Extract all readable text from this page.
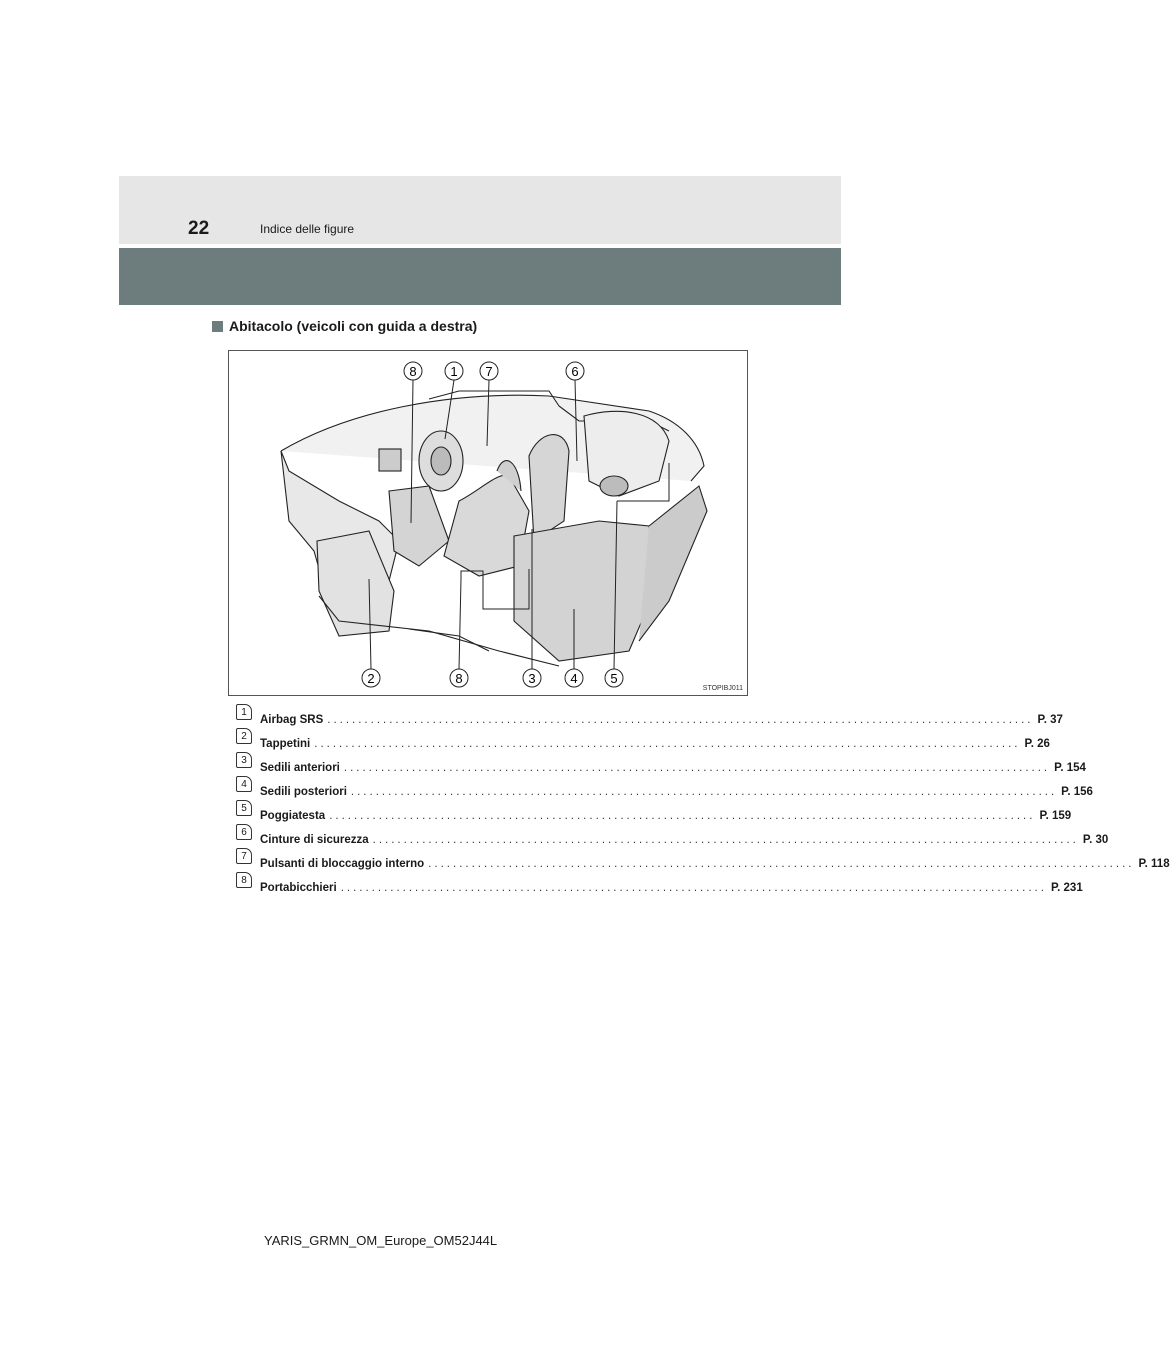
22	Indice delle figure
Abitacolo (veicoli con guida a destra)
8	1 7	6
2	8	3	4	5
STOPIBJ011
1
Airbag SRS .................................................................................................................. P. 37
2
Tappetini .................................................................................................................. P. 26
3
Sedili anteriori .................................................................................................................. P. 154
4
Sedili posteriori .................................................................................................................. P. 156
5
Poggiatesta .................................................................................................................. P. 159
6
Cinture di sicurezza .................................................................................................................. P. 30
7
Pulsanti di bloccaggio interno .................................................................................................................. P. 118
8
Portabicchieri .................................................................................................................. P. 231
YARIS_GRMN_OM_Europe_OM52J44L
